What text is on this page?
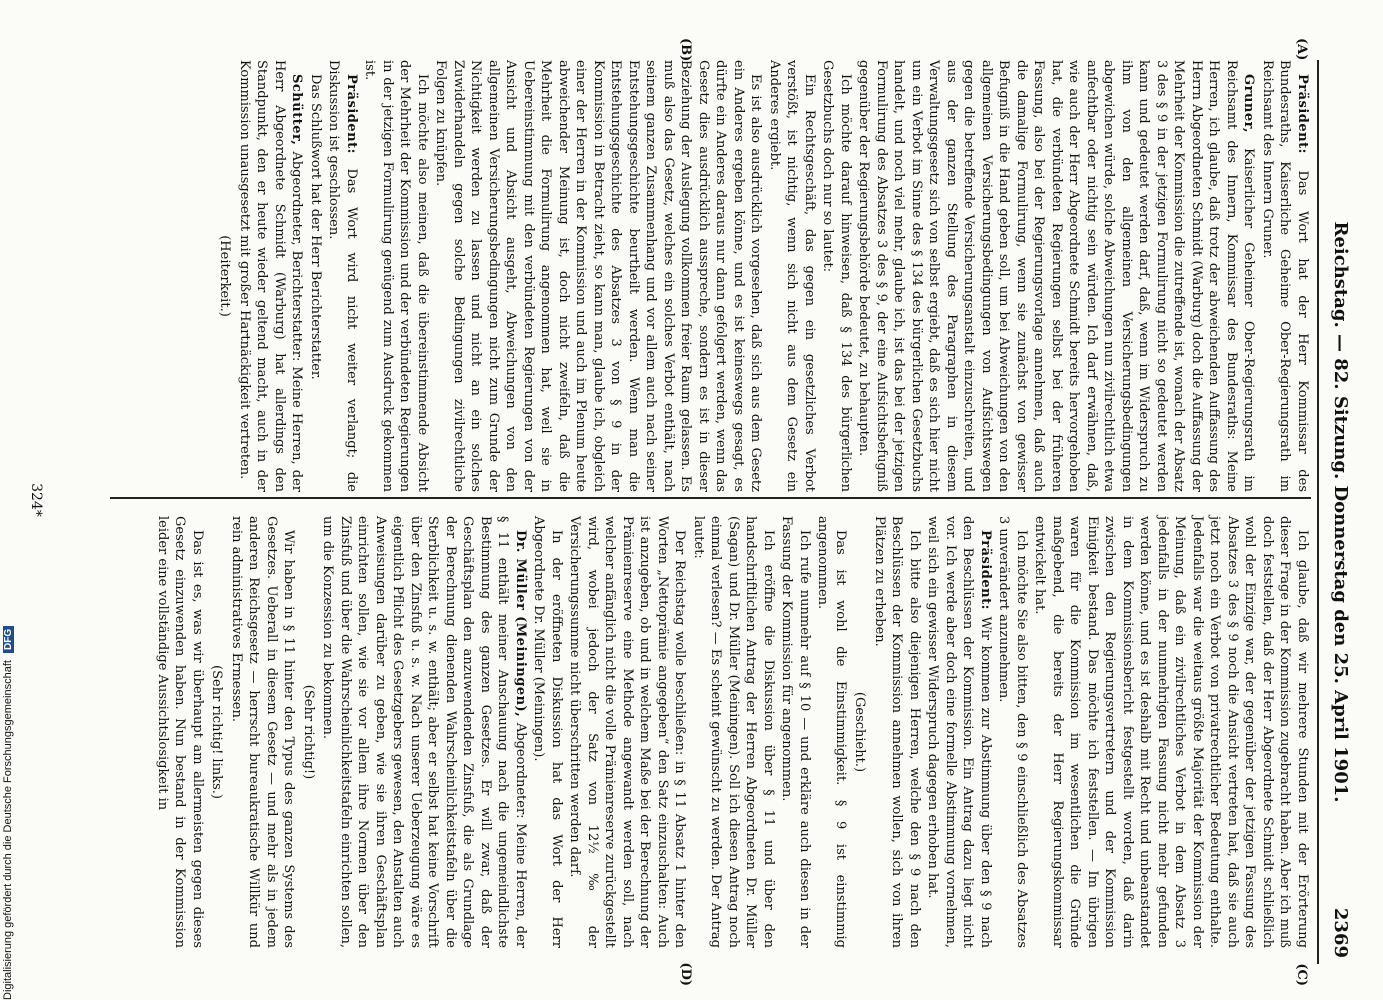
Reichstag. — 82. Sitzung. Donnerstag den 25. April 1901.
2369
(A)
(B)
(C)
(D)

Präsident: Das Wort hat der Herr Kommissar des Bundesraths, Kaiserliche Geheime Ober-Regierungsrath im Reichsamt des Innern Gruner.

Gruner, Kaiserlicher Geheimer Ober-Regierungsrath im Reichsamt des Innern, Kommissar des Bundesraths: Meine Herren, ich glaube, daß trotz der abweichenden Auffassung des Herrn Abgeordneten Schmidt (Warburg) doch die Auffassung der Mehrheit der Kommission die zutreffende ist, wonach der Absatz 3 des § 9 in der jetzigen Formulirung nicht so gedeutet werden kann und gedeutet werden darf, daß, wenn im Widerspruch zu ihm von den allgemeinen Versicherungsbedingungen abgewichen würde, solche Abweichungen nun zivilrechtlich etwa anfechtbar oder nichtig sein würden. Ich darf erwähnen, daß, wie auch der Herr Abgeordnete Schmidt bereits hervorgehoben hat, die verbündeten Regierungen selbst bei der früheren Fassung, also bei der Regierungsvorlage annehmen, daß auch die damalige Formulirung, wenn sie zunächst von gewisser Befugniß in die Hand geben soll, um bei Abweichungen von den allgemeinen Versicherungsbedingungen von Aufsichtswegen gegen die betreffende Versicherungsanstalt einzuschreiten, und aus der ganzen Stellung des Paragraphen in diesem Verwaltungsgesetz sich von selbst ergiebt, daß es sich hier nicht um ein Verbot im Sinne des § 134 des bürgerlichen Gesetzbuchs handelt, und noch viel mehr, glaube ich, ist das bei der jetzigen Formulirung des Absatzes 3 des § 9, der eine Aufsichtsbefugniß gegenüber der Regierungsbehörde bedeutet, zu behaupten.

Ich möchte darauf hinweisen, daß § 134 des bürgerlichen Gesetzbuchs doch nur so lautet:

Ein Rechtsgeschäft, das gegen ein gesetzliches Verbot verstößt, ist nichtig, wenn sich nicht aus dem Gesetz ein Anderes ergiebt.

Es ist also ausdrücklich vorgesehen, daß sich aus dem Gesetz ein Anderes ergeben könne, und es ist keineswegs gesagt, es dürfte ein Anderes daraus nur dann gefolgert werden, wenn das Gesetz dies ausdrücklich ausspreche, sondern es ist in dieser Beziehung der Auslegung vollkommen freier Raum gelassen. Es muß also das Gesetz, welches ein solches Verbot enthält, nach seinem ganzen Zusammenhang und vor allem auch nach seiner Entstehungsgeschichte beurtheilt werden. Wenn man die Entstehungsgeschichte des Absatzes 3 von § 9 in der Kommission in Betracht zieht, so kann man, glaube ich, obgleich einer der Herren in der Kommission und auch im Plenum heute abweichender Meinung ist, doch nicht zweifeln, daß die Mehrheit die Formulirung angenommen hat, weil sie in Uebereinstimmung mit den verbündeten Regierungen von der Ansicht und Absicht ausgeht, Abweichungen von den allgemeinen Versicherungsbedingungen nicht zum Grunde der Nichtigkeit werden zu lassen und nicht an ein solches Zuwiderhandeln gegen solche Bedingungen zivilrechtliche Folgen zu knüpfen.

Ich möchte also meinen, daß die übereinstimmende Absicht der Mehrheit der Kommission und der verbündeten Regierungen in der jetzigen Formulirung genügend zum Ausdruck gekommen ist.

Präsident: Das Wort wird nicht weiter verlangt; die Diskussion ist geschlossen.

Das Schlußwort hat der Herr Berichterstatter.

Schütter, Abgeordneter, Berichterstatter: Meine Herren, der Herr Abgeordnete Schmidt (Warburg) hat allerdings den Standpunkt, den er heute wieder geltend macht, auch in der Kommission unausgesetzt mit großer Hartnäckigkeit vertreten.

(Heiterkeit.)

Ich glaube, daß wir mehrere Stunden mit der Erörterung dieser Frage in der Kommission zugebracht haben. Aber ich muß doch feststellen, daß der Herr Abgeordnete Schmidt schließlich wohl der Einzige war, der gegenüber der jetzigen Fassung des Absatzes 3 des § 9 noch die Ansicht vertreten hat, daß sie auch jetzt noch ein Verbot von privatrechtlicher Bedeutung enthalte. Jedenfalls war die weitaus größte Majorität der Kommission der Meinung, daß ein zivilrechtliches Verbot in dem Absatz 3 jedenfalls in der nunmehrigen Fassung nicht mehr gefunden werden könne, und es ist deshalb mit Recht und unbeanstandet in dem Kommissionsbericht festgestellt worden, daß darin zwischen den Regierungsvertretern und der Kommission Einigkeit bestand. Das möchte ich feststellen. — Im übrigen waren für die Kommission im wesentlichen die Gründe maßgebend, die bereits der Herr Regierungskommissar entwickelt hat.

Ich möchte Sie also bitten, den § 9 einschließlich des Absatzes 3 unverändert anzunehmen.

Präsident: Wir kommen zur Abstimmung über den § 9 nach den Beschlüssen der Kommission. Ein Antrag dazu liegt nicht vor. Ich werde aber doch eine formelle Abstimmung vornehmen, weil sich ein gewisser Widerspruch dagegen erhoben hat.

Ich bitte also diejenigen Herren, welche den § 9 nach den Beschlüssen der Kommission annehmen wollen, sich von ihren Plätzen zu erheben.

(Geschieht.)

Das ist wohl die Einstimmigkeit. § 9 ist einstimmig angenommen.

Ich rufe nunmehr auf § 10 — und erkläre auch diesen in der Fassung der Kommission für angenommen.

Ich eröffne die Diskussion über § 11 und über den handschriftlichen Antrag der Herren Abgeordneten Dr. Müller (Sagan) und Dr. Müller (Meiningen). Soll ich diesen Antrag noch einmal verlesen? — Es scheint gewünscht zu werden. Der Antrag lautet:

Der Reichstag wolle beschließen: in § 11 Absatz 1 hinter den Worten „Nettoprämie angegeben“ den Satz einzuschalten: Auch ist anzugeben, ob und in welchem Maße bei der Berechnung der Prämienreserve eine Methode angewandt werden soll, nach welcher anfänglich nicht die volle Prämienreserve zurückgestellt wird, wobei jedoch der Satz von 12½ ‰ der Versicherungssumme nicht überschritten werden darf.

In der eröffneten Diskussion hat das Wort der Herr Abgeordnete Dr. Müller (Meiningen).

Dr. Müller (Meiningen), Abgeordneter: Meine Herren, der § 11 enthält meiner Anschauung nach die ungemeindlichste Bestimmung des ganzen Gesetzes. Er will zwar, daß der Geschäftsplan den anzuwendenden Zinsfuß, die als Grundlage der Berechnung dienenden Wahrscheinlichkeitstafeln über die Sterblichkeit u. s. w. enthält; aber er selbst hat keine Vorschrift über den Zinsfuß u. s. w. Nach unserer Ueberzeugung wäre es eigentlich Pflicht des Gesetzgebers gewesen, den Anstalten auch Anweisungen darüber zu geben, wie sie ihren Geschäftsplan einrichten sollen, wie sie vor allem ihre Normen über den Zinsfuß und über die Wahrscheinlichkeitstafeln einrichten sollen, um die Konzession zu bekommen.

(Sehr richtig!)

Wir haben in § 11 hinter den Typus des ganzen Systems des Gesetzes. Ueberall in diesem Gesetz — und mehr als in jedem anderen Reichsgesetz — herrscht bureaukratische Willkür und rein administratives Ermessen.

(Sehr richtig! links.)

Das ist es, was wir überhaupt am allermeisten gegen dieses Gesetz einzuwenden haben. Nun bestand in der Kommission leider eine vollständige Aussichtslosigkeit in

324*
Digitalisierung gefördert durch die Deutsche Forschungsgemeinschaft DFG
